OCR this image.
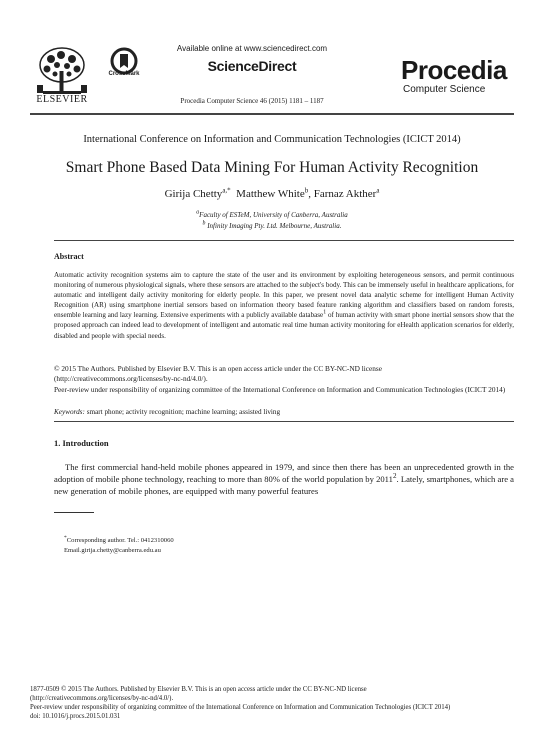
ELSEVIER
CrossMark
Available online at www.sciencedirect.com
ScienceDirect
Procedia Computer Science 46 (2015) 1181 – 1187
Procedia
Computer Science
International Conference on Information and Communication Technologies (ICICT 2014)
Smart Phone Based Data Mining For Human Activity Recognition
Girija Chetty$^{a,*}$ Matthew White$^b$, Farnaz Akther$^a$
$^a$Faculty of ESTeM, University of Canberra, Australia
$^b$ Infinity Imaging Pty. Ltd. Melbourne, Australia.
Abstract
Automatic activity recognition systems aim to capture the state of the user and its environment by exploiting heterogeneous sensors, and permit continuous monitoring of numerous physiological signals, where these sensors are attached to the subject's body. This can be immensely useful in healthcare applications, for automatic and intelligent daily activity monitoring for elderly people. In this paper, we present novel data analytic scheme for intelligent Human Activity Recognition (AR) using smartphone inertial sensors based on information theory based feature ranking algorithm and classifiers based on random forests, ensemble learning and lazy learning. Extensive experiments with a publicly available database$^1$ of human activity with smart phone inertial sensors show that the proposed approach can indeed lead to development of intelligent and automatic real time human activity monitoring for eHealth application scenarios for elderly, disabled and people with special needs.
© 2015 The Authors. Published by Elsevier B.V. This is an open access article under the CC BY-NC-ND license
(http://creativecommons.org/licenses/by-nc-nd/4.0/).
Peer-review under responsibility of organizing committee of the International Conference on Information and Communication Technologies (ICICT 2014)
Keywords: smart phone; activity recognition; machine learning; assisted living
1. Introduction
The first commercial hand-held mobile phones appeared in 1979, and since then there has been an unprecedented growth in the adoption of mobile phone technology, reaching to more than 80% of the world population by 2011$^2$. Lately, smartphones, which are a new generation of mobile phones, are equipped with many powerful features
*Corresponding author. Tel.: 0412310060
Email.girija.chetty@canberra.edu.au
1877-0509 © 2015 The Authors. Published by Elsevier B.V. This is an open access article under the CC BY-NC-ND license
(http://creativecommons.org/licenses/by-nc-nd/4.0/).
Peer-review under responsibility of organizing committee of the International Conference on Information and Communication Technologies (ICICT 2014)
doi: 10.1016/j.procs.2015.01.031
